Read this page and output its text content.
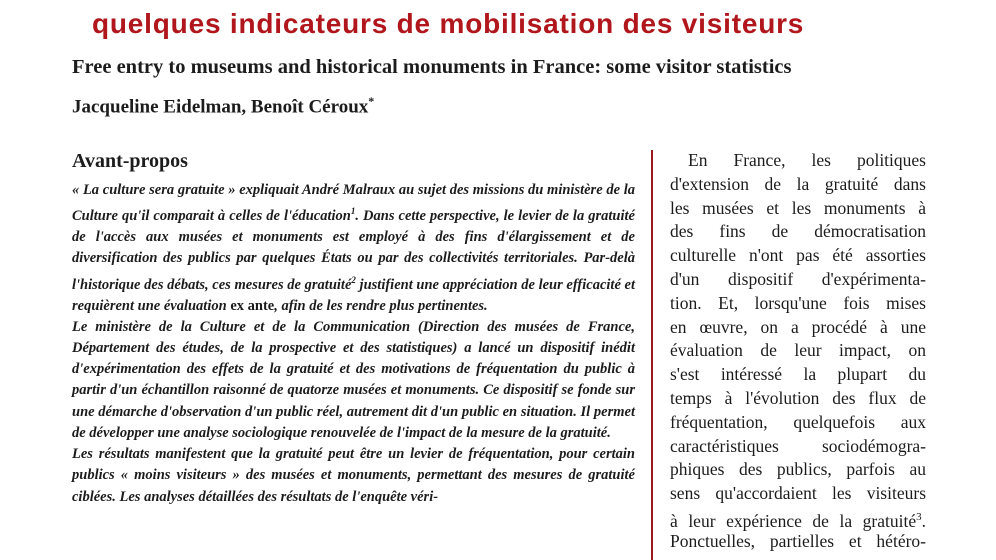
quelques indicateurs de mobilisation des visiteurs
Free entry to museums and historical monuments in France: some visitor statistics
Jacqueline Eidelman, Benoît Céroux*
Avant-propos

« La culture sera gratuite » expliquait André Malraux au sujet des missions du ministère de la Culture qu'il comparait à celles de l'éducation$^1$. Dans cette perspective, le levier de la gratuité de l'accès aux musées et monuments est employé à des fins d'élargissement et de diversification des publics par quelques États ou par des collectivités territoriales. Par-delà l'historique des débats, ces mesures de gratuité$^2$ justifient une appréciation de leur efficacité et requièrent une évaluation ex ante, afin de les rendre plus pertinentes.

Le ministère de la Culture et de la Communication (Direction des musées de France, Département des études, de la prospective et des statistiques) a lancé un dispositif inédit d'expérimentation des effets de la gratuité et des motivations de fréquentation du public à partir d'un échantillon raisonné de quatorze musées et monuments. Ce dispositif se fonde sur une démarche d'observation d'un public réel, autrement dit d'un public en situation. Il permet de développer une analyse sociologique renouvelée de l'impact de la mesure de la gratuité.

Les résultats manifestent que la gratuité peut être un levier de fréquentation, pour certain publics « moins visiteurs » des musées et monuments, permettant des mesures de gratuité ciblées. Les analyses détaillées des résultats de l'enquête véri-

En France, les politiques
d'extension de la gratuité dans
les musées et les monuments à
des fins de démocratisation
culturelle n'ont pas été assorties
d'un dispositif d'expérimenta-
tion. Et, lorsqu'une fois mises
en œuvre, on a procédé à une
évaluation de leur impact, on
s'est intéressé la plupart du
temps à l'évolution des flux de
fréquentation, quelquefois aux
caractéristiques sociodémogra-
phiques des publics, parfois au
sens qu'accordaient les visiteurs
à leur expérience de la gratuité$^3$.
Ponctuelles, partielles et hétéro-
